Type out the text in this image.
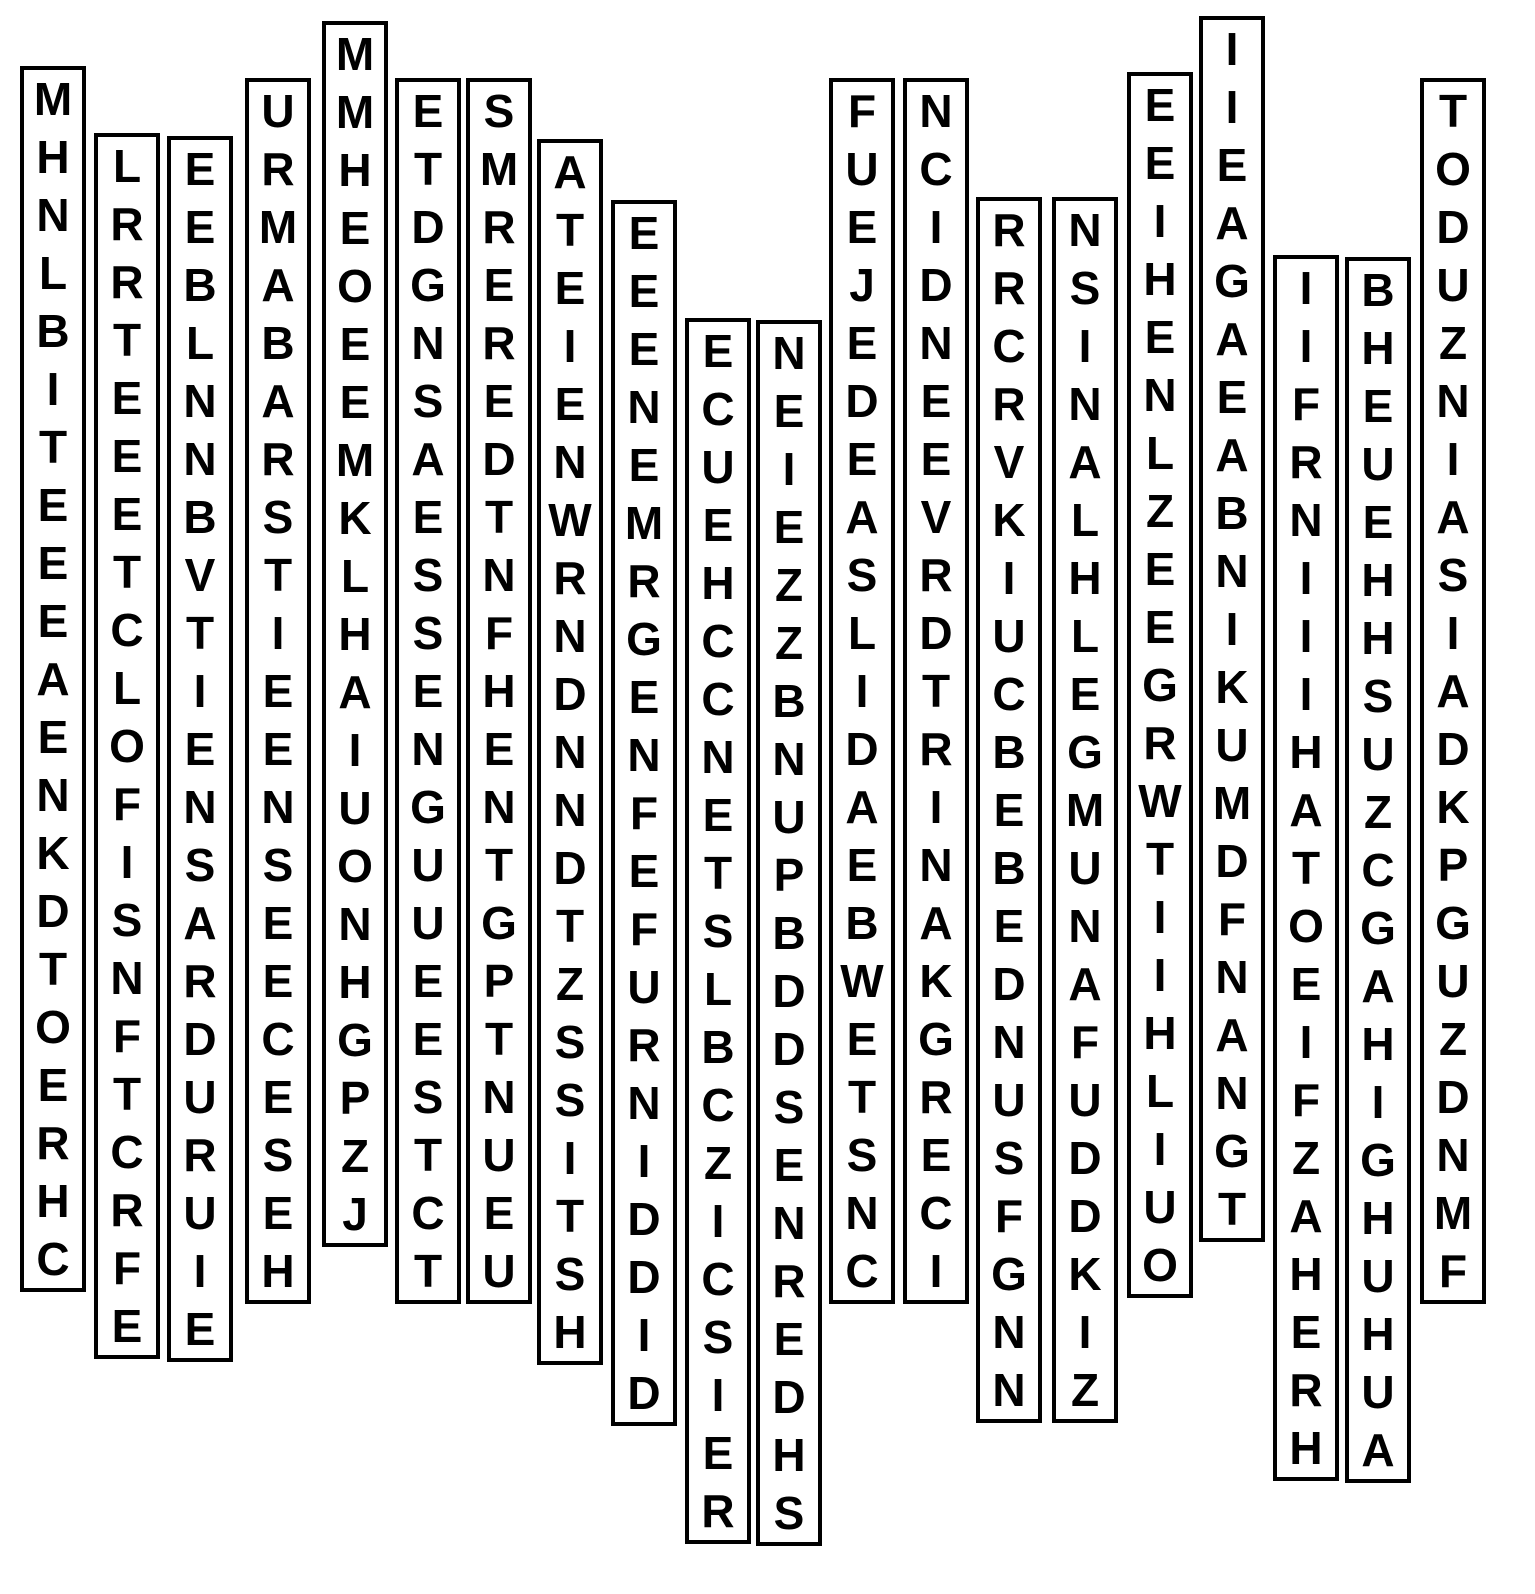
M
H
N
L
B
I
T
E
E
E
A
E
N
K
D
T
O
E
R
H
C
L
R
R
T
E
E
E
T
C
L
O
F
I
S
N
F
T
C
R
F
E
E
E
B
L
N
N
B
V
T
I
E
N
S
A
R
D
U
R
U
I
E
U
R
M
A
B
A
R
S
T
I
E
E
N
S
E
E
C
E
S
E
H
M
M
H
E
O
E
E
M
K
L
H
A
I
U
O
N
H
G
P
Z
J
E
T
D
G
N
S
A
E
S
S
E
N
G
U
U
E
E
S
T
C
T
S
M
R
E
R
E
D
T
N
F
H
E
N
T
G
P
T
N
U
E
U
A
T
E
I
E
N
W
R
N
D
N
N
D
T
Z
S
S
I
T
S
H
E
E
E
N
E
M
R
G
E
N
F
E
F
U
R
N
I
D
D
I
D
E
C
U
E
H
C
C
N
E
T
S
L
B
C
Z
I
C
S
I
E
R
N
E
I
E
Z
Z
B
N
U
P
B
D
D
S
E
N
R
E
D
H
S
F
U
E
J
E
D
E
A
S
L
I
D
A
E
B
W
E
T
S
N
C
N
C
I
D
N
E
E
V
R
D
T
R
I
N
A
K
G
R
E
C
I
R
R
C
R
V
K
I
U
C
B
E
B
E
D
N
U
S
F
G
N
N
N
S
I
N
A
L
H
L
E
G
M
U
N
A
F
U
D
D
K
I
Z
E
E
I
H
E
N
L
Z
E
E
G
R
W
T
I
I
H
L
I
U
O
I
I
E
A
G
A
E
A
B
N
I
K
U
M
D
F
N
A
N
G
T
I
I
F
R
N
I
I
I
H
A
T
O
E
I
F
Z
A
H
E
R
H
B
H
E
U
E
H
H
S
U
Z
C
G
A
H
I
G
H
U
H
U
A
T
O
D
U
Z
N
I
A
S
I
A
D
K
P
G
U
Z
D
N
M
F
